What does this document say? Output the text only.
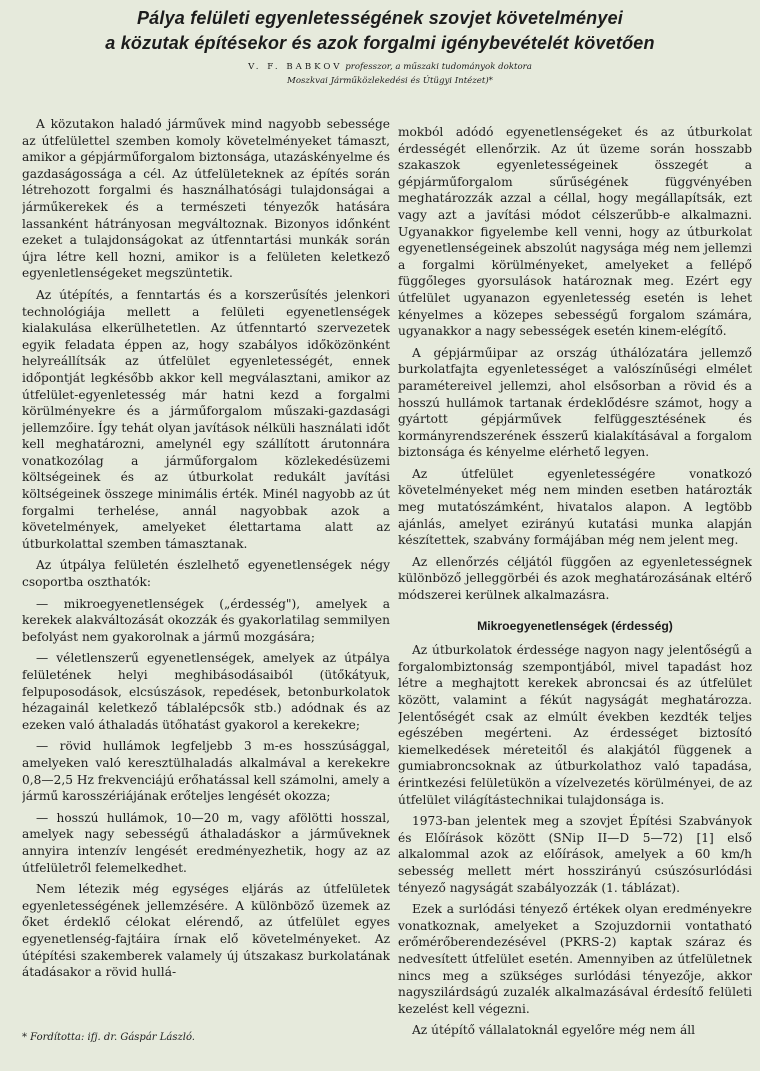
Pálya felületi egyenletességének szovjet követelményei
a közutak építésekor és azok forgalmi igénybevételét követően
V. F. BABKOV professzor, a műszaki tudományok doktora
Moszkvai Járműközlekedési és Útügyi Intézet)*

A közutakon haladó járművek mind nagyobb sebessége az útfelülettel szemben komoly követelményeket támaszt, amikor a gépjárműforgalom biztonsága, utazáskényelme és gazdaságossága a cél. Az útfelületeknek az építés során létrehozott forgalmi és használhatósági tulajdonságai a járműkerekek és a természeti tényezők hatására lassanként hátrányosan megváltoznak. Bizonyos időnként ezeket a tulajdonságokat az útfenntartási munkák során újra létre kell hozni, amikor is a felületen keletkező egyenletlenségeket megszüntetik.

Az útépítés, a fenntartás és a korszerűsítés jelenkori technológiája mellett a felületi egyenetlenségek kialakulása elkerülhetetlen. Az útfenntartó szervezetek egyik feladata éppen az, hogy szabályos időközönként helyreállítsák az útfelület egyenletességét, ennek időpontját legkésőbb akkor kell megválasztani, amikor az útfelület-egyenletesség már hatni kezd a forgalmi körülményekre és a járműforgalom műszaki-gazdasági jellemzőire. Így tehát olyan javítások nélküli használati időt kell meghatározni, amelynél egy szállított árutonnára vonatkozólag a járműforgalom közlekedésüzemi költségeinek és az útburkolat redukált javítási költségeinek összege minimális érték. Minél nagyobb az út forgalmi terhelése, annál nagyobbak azok a követelmények, amelyeket élettartama alatt az útburkolattal szemben támasztanak.

Az útpálya felületén észlelhető egyenetlenségek négy csoportba oszthatók:

— mikroegyenetlenségek („érdesség"), amelyek a kerekek alakváltozását okozzák és gyakorlatilag semmilyen befolyást nem gyakorolnak a jármű mozgására;

— véletlenszerű egyenetlenségek, amelyek az útpálya felületének helyi meghibásodásaiból (ütőkátyuk, felpuposodások, elcsúszások, repedések, betonburkolatok hézagainál keletkező táblalépcsők stb.) adódnak és az ezeken való áthaladás ütőhatást gyakorol a kerekekre;

— rövid hullámok legfeljebb 3 m-es hosszúsággal, amelyeken való keresztülhaladás alkalmával a kerekekre 0,8—2,5 Hz frekvenciájú erőhatással kell számolni, amely a jármű karosszériájának erőteljes lengését okozza;

— hosszú hullámok, 10—20 m, vagy afölötti hosszal, amelyek nagy sebességű áthaladáskor a járműveknek annyira intenzív lengését eredményezhetik, hogy az az útfelületről felemelkedhet.

Nem létezik még egységes eljárás az útfelületek egyenletességének jellemzésére. A különböző üzemek az őket érdeklő célokat elérendő, az útfelület egyes egyenetlenség-fajtáira írnak elő követelményeket. Az útépítési szakemberek valamely új útszakasz burkolatának átadásakor a rövid hullá-

mokból adódó egyenetlenségeket és az útburkolat érdességét ellenőrzik. Az út üzeme során hosszabb szakaszok egyenletességeinek összegét a gépjárműforgalom sűrűségének függvényében meghatározzák azzal a céllal, hogy megállapítsák, ezt vagy azt a javítási módot célszerűbb-e alkalmazni. Ugyanakkor figyelembe kell venni, hogy az útburkolat egyenetlenségeinek abszolút nagysága még nem jellemzi a forgalmi körülményeket, amelyeket a fellépő függőleges gyorsulások határoznak meg. Ezért egy útfelület ugyanazon egyenletesség esetén is lehet kényelmes a közepes sebességű forgalom számára, ugyanakkor a nagy sebességek esetén kinem-elégítő.

A gépjárműipar az ország úthálózatára jellemző burkolatfajta egyenletességet a valószínűségi elmélet paramétereivel jellemzi, ahol elsősorban a rövid és a hosszú hullámok tartanak érdeklődésre számot, hogy a gyártott gépjárművek felfüggesztésének és kormányrendszerének ésszerű kialakításával a forgalom biztonsága és kényelme elérhető legyen.

Az útfelület egyenletességére vonatkozó követelményeket még nem minden esetben határozták meg mutatószámként, hivatalos alapon. A legtöbb ajánlás, amelyet ezirányú kutatási munka alapján készítettek, szabvány formájában még nem jelent meg.

Az ellenőrzés céljától függően az egyenletességnek különböző jelleggörbéi és azok meghatározásának eltérő módszerei kerülnek alkalmazásra.

Mikroegyenetlenségek (érdesség)

Az útburkolatok érdessége nagyon nagy jelentőségű a forgalombiztonság szempontjából, mivel tapadást hoz létre a meghajtott kerekek abroncsai és az útfelület között, valamint a fékút nagyságát meghatározza. Jelentőségét csak az elmúlt években kezdték teljes egészében megérteni. Az érdességet biztosító kiemelkedések méreteitől és alakjától függenek a gumiabroncsoknak az útburkolathoz való tapadása, érintkezési felületükön a vízelvezetés körülményei, de az útfelület világítástechnikai tulajdonsága is.

1973-ban jelentek meg a szovjet Építési Szabványok és Előírások között (SNip II—D 5—72) [1] első alkalommal azok az előírások, amelyek a 60 km/h sebesség mellett mért hosszirányú csúszósurlódási tényező nagyságát szabályozzák (1. táblázat).

Ezek a surlódási tényező értékek olyan eredményekre vonatkoznak, amelyeket a Szojuzdornii vontatható erőmérőberendezésével (PKRS-2) kaptak száraz és nedvesített útfelület esetén. Amennyiben az útfelületnek nincs meg a szükséges surlódási tényezője, akkor nagyszilárdságú zuzalék alkalmazásával érdesítő felületi kezelést kell végezni.

Az útépítő vállalatoknál egyelőre még nem áll

* Fordította: ifj. dr. Gáspár László.
